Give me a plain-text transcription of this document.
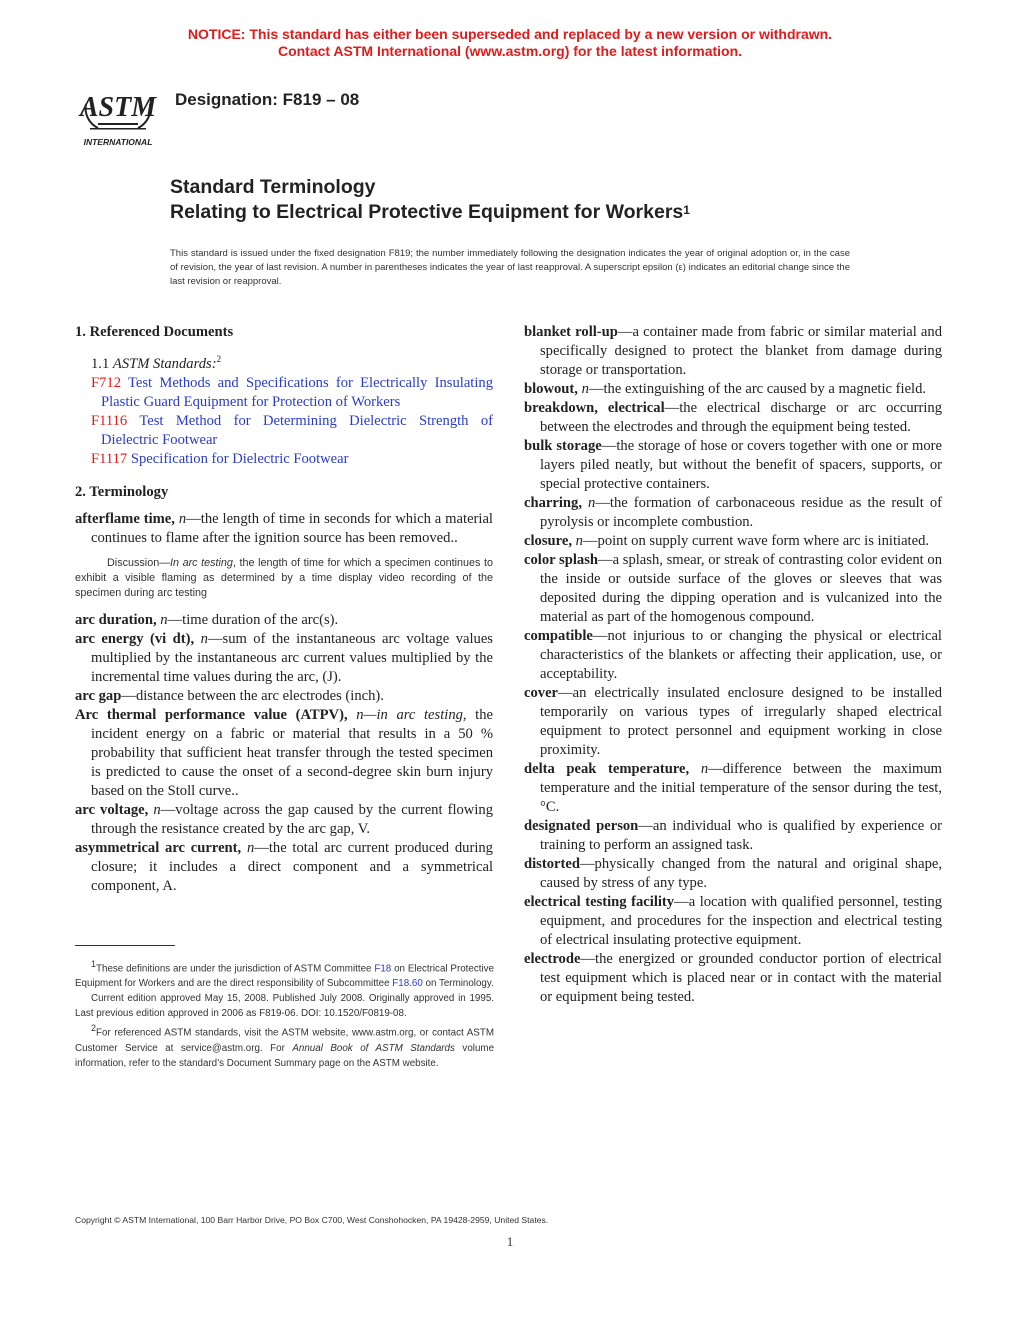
NOTICE: This standard has either been superseded and replaced by a new version or withdrawn.
Contact ASTM International (www.astm.org) for the latest information.
ASTM
INTERNATIONAL
Designation: F819 – 08
Standard Terminology
Relating to Electrical Protective Equipment for Workers$^1$
This standard is issued under the fixed designation F819; the number immediately following the designation indicates the year of original adoption or, in the case of revision, the year of last revision. A number in parentheses indicates the year of last reapproval. A superscript epsilon (ε) indicates an editorial change since the last revision or reapproval.
1. Referenced Documents

1.1 ASTM Standards:$^2$

F712 Test Methods and Specifications for Electrically Insulating Plastic Guard Equipment for Protection of Workers

F1116 Test Method for Determining Dielectric Strength of Dielectric Footwear

F1117 Specification for Dielectric Footwear

2. Terminology

afterflame time, n—the length of time in seconds for which a material continues to flame after the ignition source has been removed..

Discussion—In arc testing, the length of time for which a specimen continues to exhibit a visible flaming as determined by a time display video recording of the specimen during arc testing

arc duration, n—time duration of the arc(s).

arc energy (vi dt), n—sum of the instantaneous arc voltage values multiplied by the instantaneous arc current values multiplied by the incremental time values during the arc, (J).

arc gap—distance between the arc electrodes (inch).

Arc thermal performance value (ATPV), n—in arc testing, the incident energy on a fabric or material that results in a 50 % probability that sufficient heat transfer through the tested specimen is predicted to cause the onset of a second-degree skin burn injury based on the Stoll curve..

arc voltage, n—voltage across the gap caused by the current flowing through the resistance created by the arc gap, V.

asymmetrical arc current, n—the total arc current produced during closure; it includes a direct component and a symmetrical component, A.

blanket roll-up—a container made from fabric or similar material and specifically designed to protect the blanket from damage during storage or transportation.

blowout, n—the extinguishing of the arc caused by a magnetic field.

breakdown, electrical—the electrical discharge or arc occurring between the electrodes and through the equipment being tested.

bulk storage—the storage of hose or covers together with one or more layers piled neatly, but without the benefit of spacers, supports, or special protective containers.

charring, n—the formation of carbonaceous residue as the result of pyrolysis or incomplete combustion.

closure, n—point on supply current wave form where arc is initiated.

color splash—a splash, smear, or streak of contrasting color evident on the inside or outside surface of the gloves or sleeves that was deposited during the dipping operation and is vulcanized into the material as part of the homogenous compound.

compatible—not injurious to or changing the physical or electrical characteristics of the blankets or affecting their application, use, or acceptability.

cover—an electrically insulated enclosure designed to be installed temporarily on various types of irregularly shaped electrical equipment to protect personnel and equipment working in close proximity.

delta peak temperature, n—difference between the maximum temperature and the initial temperature of the sensor during the test, °C.

designated person—an individual who is qualified by experience or training to perform an assigned task.

distorted—physically changed from the natural and original shape, caused by stress of any type.

electrical testing facility—a location with qualified personnel, testing equipment, and procedures for the inspection and electrical testing of electrical insulating protective equipment.

electrode—the energized or grounded conductor portion of electrical test equipment which is placed near or in contact with the material or equipment being tested.

$^1$These definitions are under the jurisdiction of ASTM Committee F18 on Electrical Protective Equipment for Workers and are the direct responsibility of Subcommittee F18.60 on Terminology.

Current edition approved May 15, 2008. Published July 2008. Originally approved in 1995. Last previous edition approved in 2006 as F819-06. DOI: 10.1520/F0819-08.

$^2$For referenced ASTM standards, visit the ASTM website, www.astm.org, or contact ASTM Customer Service at service@astm.org. For Annual Book of ASTM Standards volume information, refer to the standard’s Document Summary page on the ASTM website.

Copyright © ASTM International, 100 Barr Harbor Drive, PO Box C700, West Conshohocken, PA 19428-2959, United States.
1
